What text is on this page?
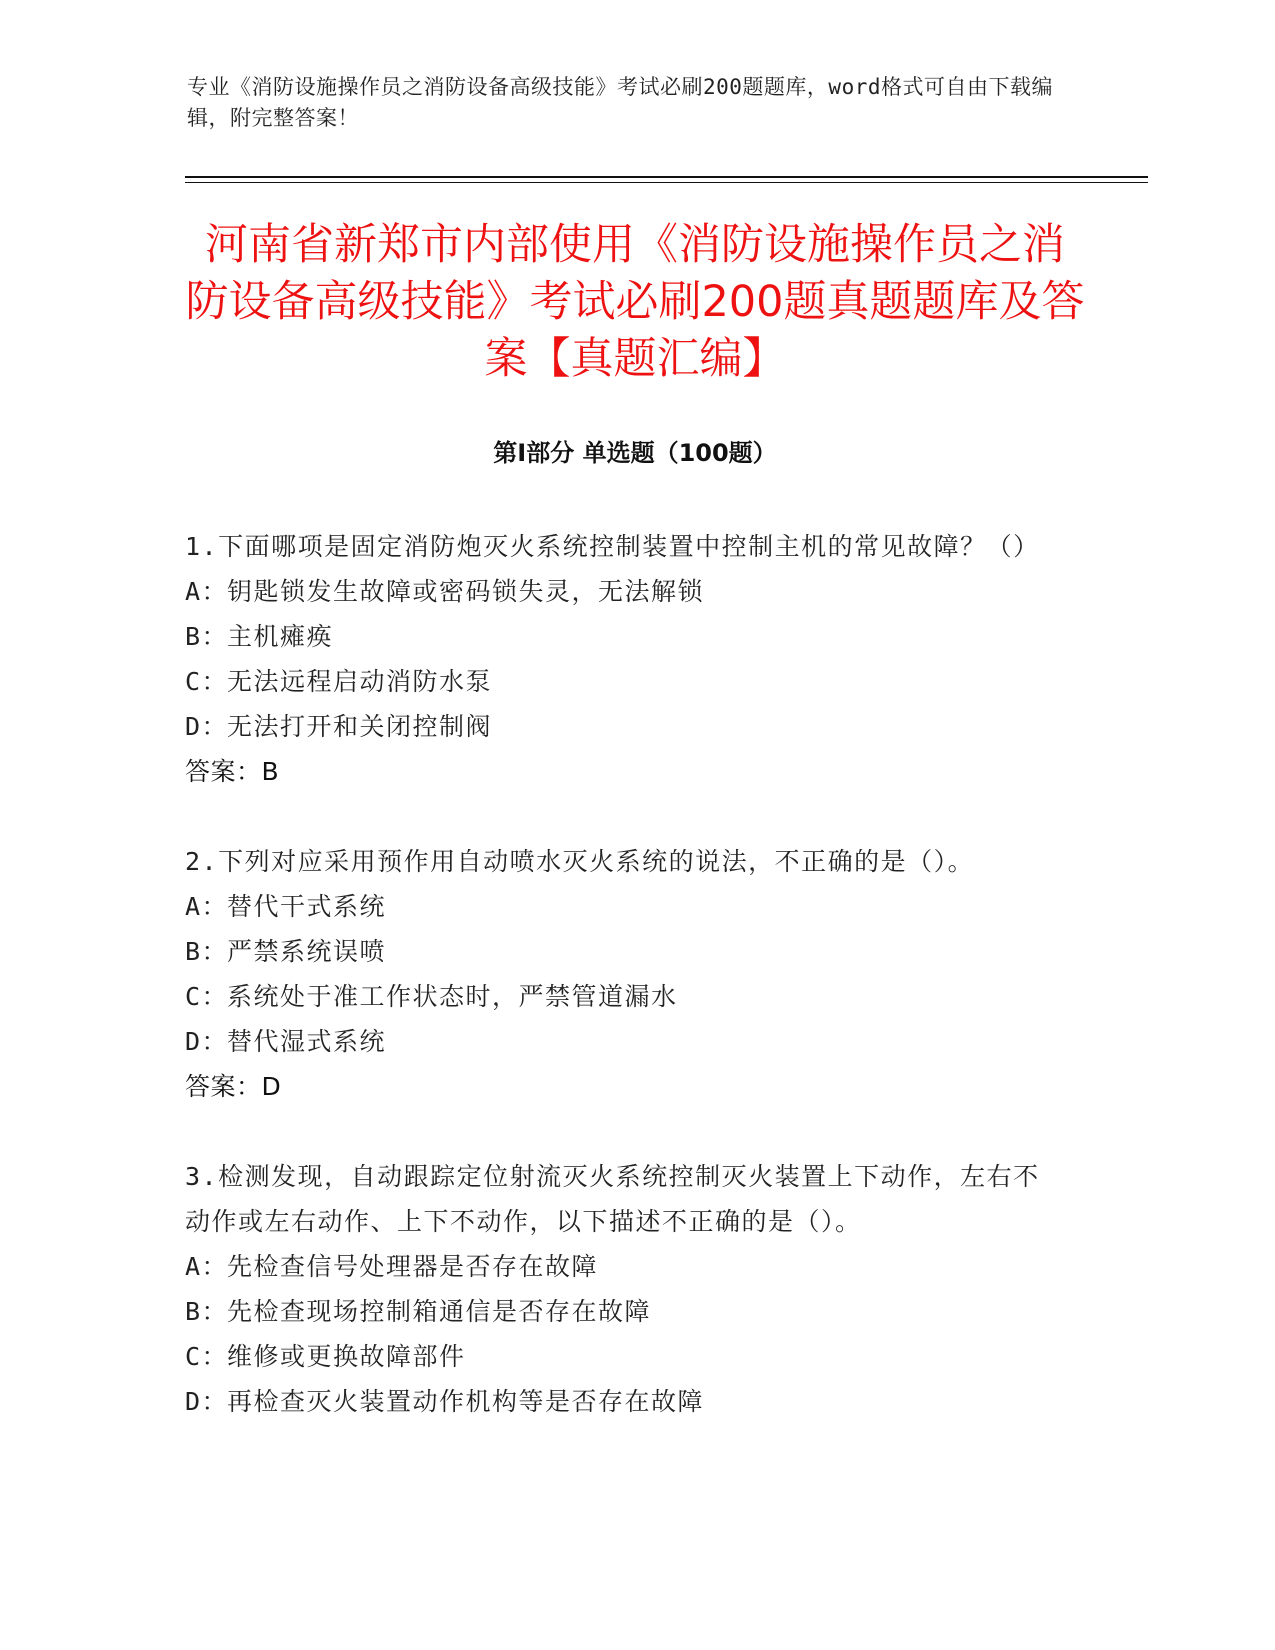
专业《消防设施操作员之消防设备高级技能》考试必刷200题题库，word格式可自由下载编辑，附完整答案！
河南省新郑市内部使用《消防设施操作员之消防设备高级技能》考试必刷200题真题题库及答案【真题汇编】
第I部分 单选题（100题）

1.下面哪项是固定消防炮灭火系统控制装置中控制主机的常见故障？（）

A：钥匙锁发生故障或密码锁失灵，无法解锁

B：主机瘫痪

C：无法远程启动消防水泵

D：无法打开和关闭控制阀

答案：B

2.下列对应采用预作用自动喷水灭火系统的说法，不正确的是（）。

A：替代干式系统

B：严禁系统误喷

C：系统处于准工作状态时，严禁管道漏水

D：替代湿式系统

答案：D

3.检测发现，自动跟踪定位射流灭火系统控制灭火装置上下动作，左右不动作或左右动作、上下不动作，以下描述不正确的是（）。

A：先检查信号处理器是否存在故障

B：先检查现场控制箱通信是否存在故障

C：维修或更换故障部件

D：再检查灭火装置动作机构等是否存在故障
